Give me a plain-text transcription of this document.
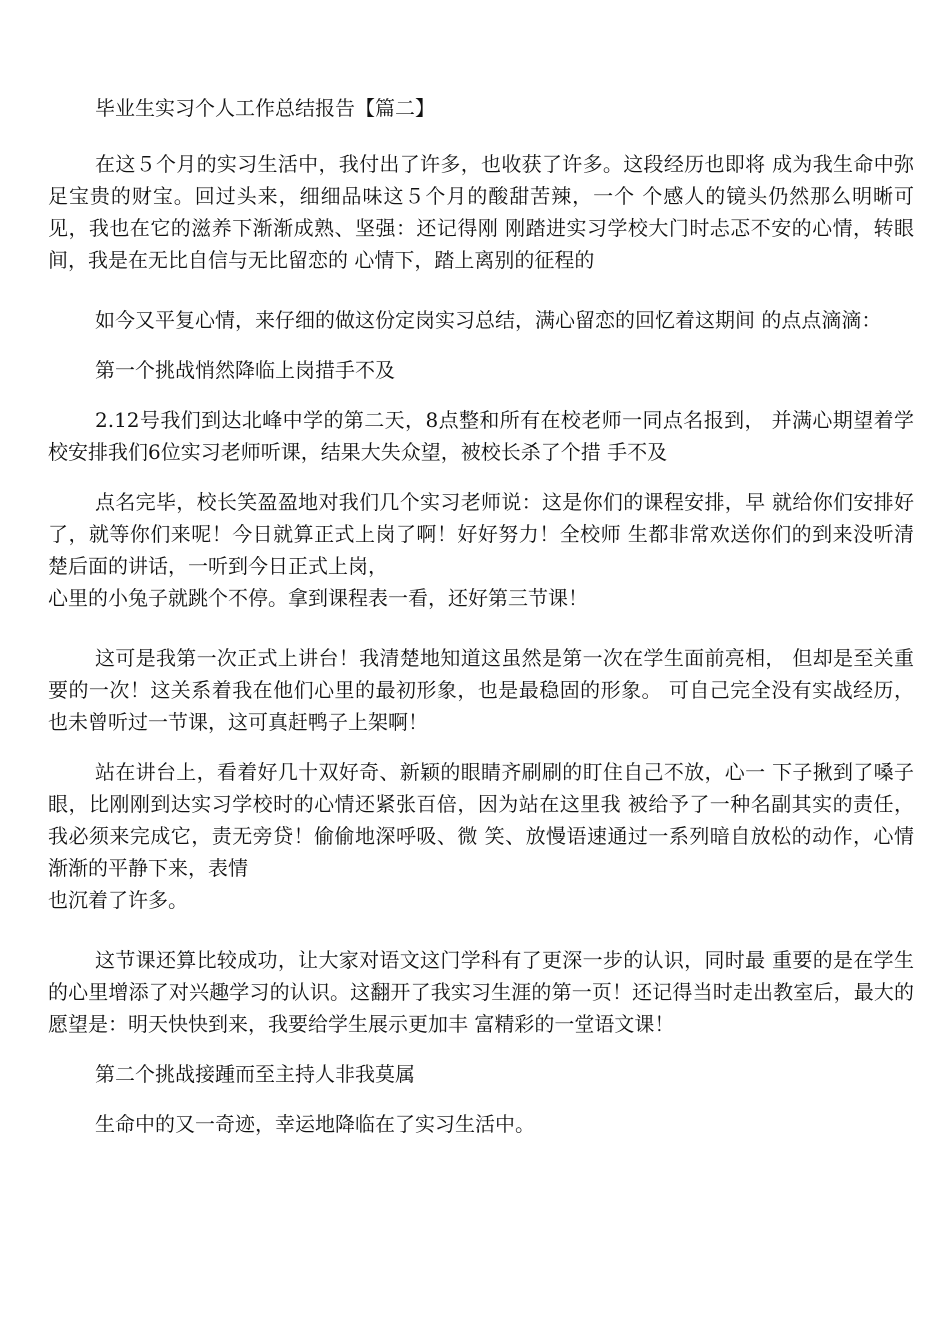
毕业生实习个人工作总结报告【篇二】

在这５个月的实习生活中，我付出了许多，也收获了许多。这段经历也即将 成为我生命中弥足宝贵的财宝。回过头来，细细品味这５个月的酸甜苦辣，一个 个感人的镜头仍然那么明晰可见，我也在它的滋养下渐渐成熟、坚强：还记得刚 刚踏进实习学校大门时忐忑不安的心情，转眼间，我是在无比自信与无比留恋的 心情下，踏上离别的征程的

如今又平复心情，来仔细的做这份定岗实习总结，满心留恋的回忆着这期间 的点点滴滴：

第一个挑战悄然降临上岗措手不及

2.12号我们到达北峰中学的第二天，8点整和所有在校老师一同点名报到， 并满心期望着学校安排我们6位实习老师听课，结果大失众望，被校长杀了个措 手不及

点名完毕，校长笑盈盈地对我们几个实习老师说：这是你们的课程安排，早 就给你们安排好了，就等你们来呢！今日就算正式上岗了啊！好好努力！全校师 生都非常欢送你们的到来没听清楚后面的讲话，一听到今日正式上岗，

心里的小兔子就跳个不停。拿到课程表一看，还好第三节课！

这可是我第一次正式上讲台！我清楚地知道这虽然是第一次在学生面前亮相， 但却是至关重要的一次！这关系着我在他们心里的最初形象，也是最稳固的形象。 可自己完全没有实战经历，也未曾听过一节课，这可真赶鸭子上架啊！

站在讲台上，看着好几十双好奇、新颖的眼睛齐刷刷的盯住自己不放，心一 下子揪到了嗓子眼，比刚刚到达实习学校时的心情还紧张百倍，因为站在这里我 被给予了一种名副其实的责任，我必须来完成它，责无旁贷！偷偷地深呼吸、微 笑、放慢语速通过一系列暗自放松的动作，心情渐渐的平静下来，表情

也沉着了许多。

这节课还算比较成功，让大家对语文这门学科有了更深一步的认识，同时最 重要的是在学生的心里增添了对兴趣学习的认识。这翻开了我实习生涯的第一页！还记得当时走出教室后，最大的愿望是：明天快快到来，我要给学生展示更加丰 富精彩的一堂语文课！

第二个挑战接踵而至主持人非我莫属

生命中的又一奇迹，幸运地降临在了实习生活中。
